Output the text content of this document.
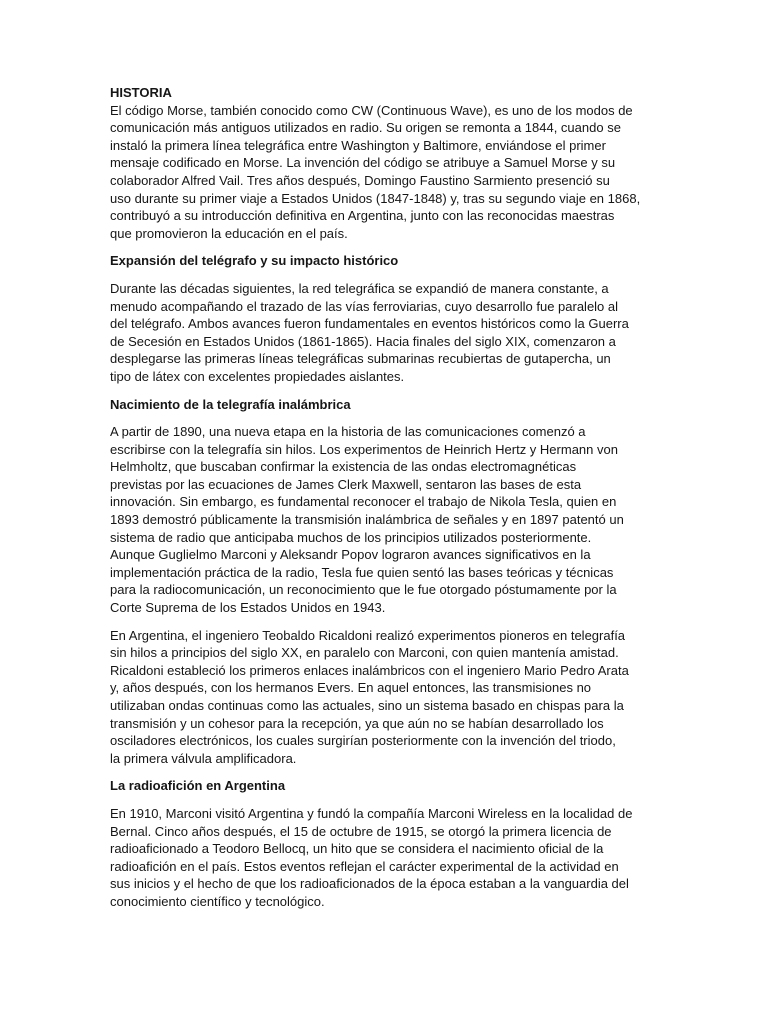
HISTORIA

El código Morse, también conocido como CW (Continuous Wave), es uno de los modos de
comunicación más antiguos utilizados en radio. Su origen se remonta a 1844, cuando se
instaló la primera línea telegráfica entre Washington y Baltimore, enviándose el primer
mensaje codificado en Morse. La invención del código se atribuye a Samuel Morse y su
colaborador Alfred Vail. Tres años después, Domingo Faustino Sarmiento presenció su
uso durante su primer viaje a Estados Unidos (1847-1848) y, tras su segundo viaje en 1868,
contribuyó a su introducción definitiva en Argentina, junto con las reconocidas maestras
que promovieron la educación en el país.

Expansión del telégrafo y su impacto histórico

Durante las décadas siguientes, la red telegráfica se expandió de manera constante, a
menudo acompañando el trazado de las vías ferroviarias, cuyo desarrollo fue paralelo al
del telégrafo. Ambos avances fueron fundamentales en eventos históricos como la Guerra
de Secesión en Estados Unidos (1861-1865). Hacia finales del siglo XIX, comenzaron a
desplegarse las primeras líneas telegráficas submarinas recubiertas de gutapercha, un
tipo de látex con excelentes propiedades aislantes.

Nacimiento de la telegrafía inalámbrica

A partir de 1890, una nueva etapa en la historia de las comunicaciones comenzó a
escribirse con la telegrafía sin hilos. Los experimentos de Heinrich Hertz y Hermann von
Helmholtz, que buscaban confirmar la existencia de las ondas electromagnéticas
previstas por las ecuaciones de James Clerk Maxwell, sentaron las bases de esta
innovación. Sin embargo, es fundamental reconocer el trabajo de Nikola Tesla, quien en
1893 demostró públicamente la transmisión inalámbrica de señales y en 1897 patentó un
sistema de radio que anticipaba muchos de los principios utilizados posteriormente.
Aunque Guglielmo Marconi y Aleksandr Popov lograron avances significativos en la
implementación práctica de la radio, Tesla fue quien sentó las bases teóricas y técnicas
para la radiocomunicación, un reconocimiento que le fue otorgado póstumamente por la
Corte Suprema de los Estados Unidos en 1943.

En Argentina, el ingeniero Teobaldo Ricaldoni realizó experimentos pioneros en telegrafía
sin hilos a principios del siglo XX, en paralelo con Marconi, con quien mantenía amistad.
Ricaldoni estableció los primeros enlaces inalámbricos con el ingeniero Mario Pedro Arata
y, años después, con los hermanos Evers. En aquel entonces, las transmisiones no
utilizaban ondas continuas como las actuales, sino un sistema basado en chispas para la
transmisión y un cohesor para la recepción, ya que aún no se habían desarrollado los
osciladores electrónicos, los cuales surgirían posteriormente con la invención del triodo,
la primera válvula amplificadora.

La radioafición en Argentina

En 1910, Marconi visitó Argentina y fundó la compañía Marconi Wireless en la localidad de
Bernal. Cinco años después, el 15 de octubre de 1915, se otorgó la primera licencia de
radioaficionado a Teodoro Bellocq, un hito que se considera el nacimiento oficial de la
radioafición en el país. Estos eventos reflejan el carácter experimental de la actividad en
sus inicios y el hecho de que los radioaficionados de la época estaban a la vanguardia del
conocimiento científico y tecnológico.
